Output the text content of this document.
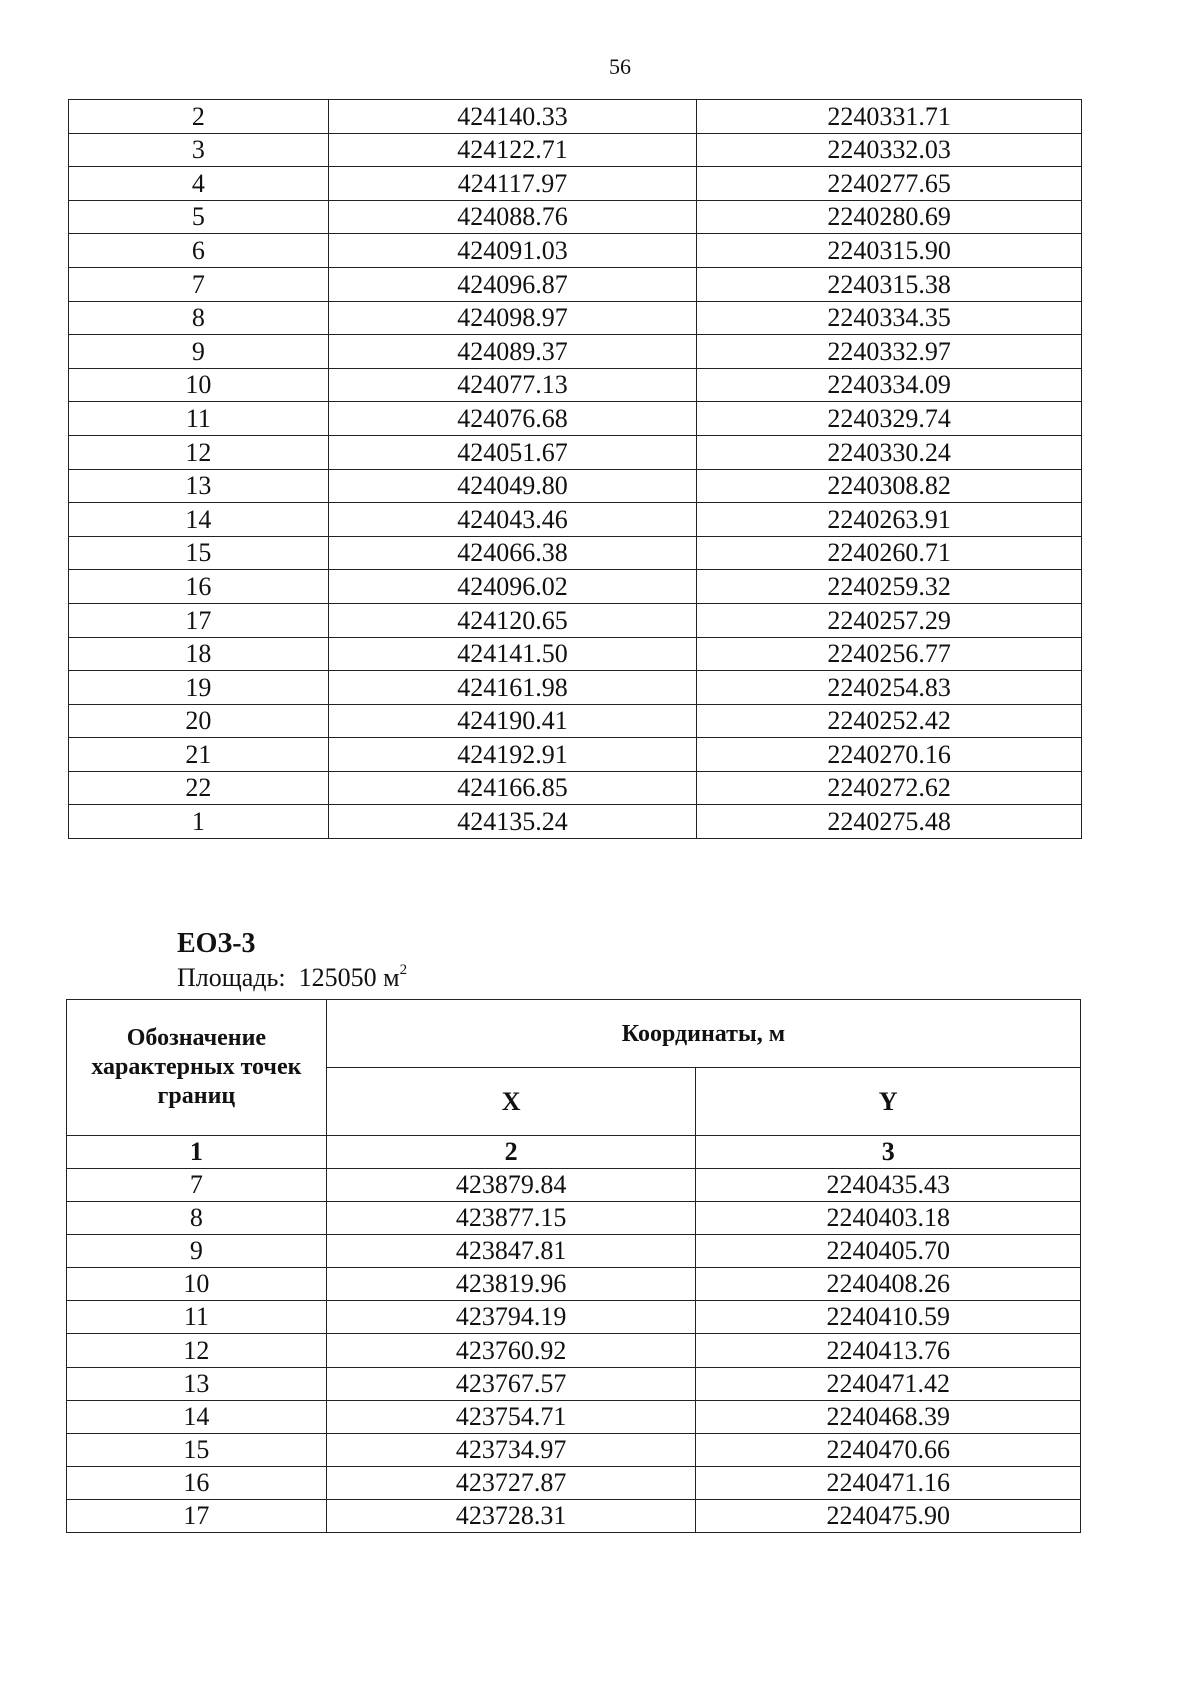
56
2	424140.33	2240331.71
3	424122.71	2240332.03
4	424117.97	2240277.65
5	424088.76	2240280.69
6	424091.03	2240315.90
7	424096.87	2240315.38
8	424098.97	2240334.35
9	424089.37	2240332.97
10	424077.13	2240334.09
11	424076.68	2240329.74
12	424051.67	2240330.24
13	424049.80	2240308.82
14	424043.46	2240263.91
15	424066.38	2240260.71
16	424096.02	2240259.32
17	424120.65	2240257.29
18	424141.50	2240256.77
19	424161.98	2240254.83
20	424190.41	2240252.42
21	424192.91	2240270.16
22	424166.85	2240272.62
1	424135.24	2240275.48
ЕОЗ-3
Площадь: 125050 $м^2$
Обозначение характерных точек границ	Координаты, м	
	X	Y
1	2	3
7	423879.84	2240435.43
8	423877.15	2240403.18
9	423847.81	2240405.70
10	423819.96	2240408.26
11	423794.19	2240410.59
12	423760.92	2240413.76
13	423767.57	2240471.42
14	423754.71	2240468.39
15	423734.97	2240470.66
16	423727.87	2240471.16
17	423728.31	2240475.90
